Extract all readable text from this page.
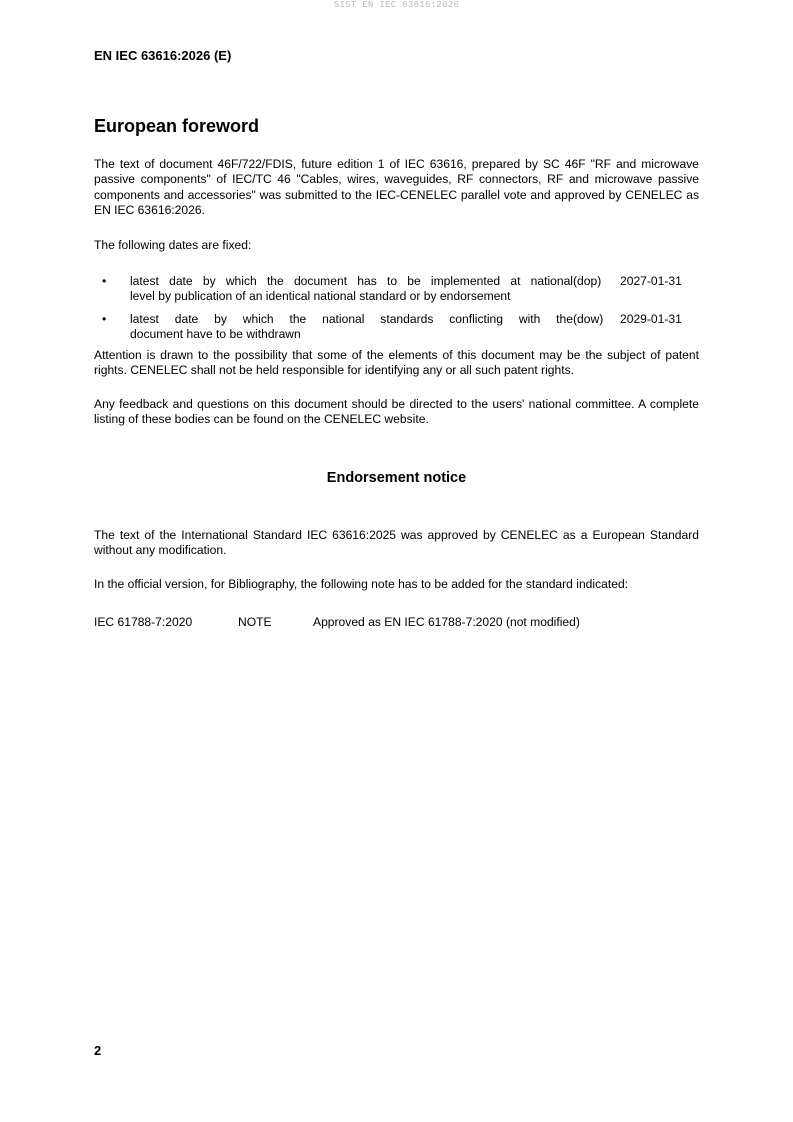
SIST EN IEC 63616:2026
EN IEC 63616:2026 (E)
European foreword
The text of document 46F/722/FDIS, future edition 1 of IEC 63616, prepared by SC 46F "RF and microwave passive components" of IEC/TC 46 "Cables, wires, waveguides, RF connectors, RF and microwave passive components and accessories" was submitted to the IEC-CENELEC parallel vote and approved by CENELEC as EN IEC 63616:2026.
The following dates are fixed:
• latest date by which the document has to be implemented at national
level by publication of an identical national standard or by endorsement
(dop) 2027-01-31
• latest date by which the national standards conflicting with the
document have to be withdrawn
(dow) 2029-01-31
Attention is drawn to the possibility that some of the elements of this document may be the subject of patent rights. CENELEC shall not be held responsible for identifying any or all such patent rights.
Any feedback and questions on this document should be directed to the users' national committee. A complete listing of these bodies can be found on the CENELEC website.
Endorsement notice
The text of the International Standard IEC 63616:2025 was approved by CENELEC as a European Standard without any modification.
In the official version, for Bibliography, the following note has to be added for the standard indicated:
IEC 61788-7:2020	NOTE	Approved as EN IEC 61788-7:2020 (not modified)
2
